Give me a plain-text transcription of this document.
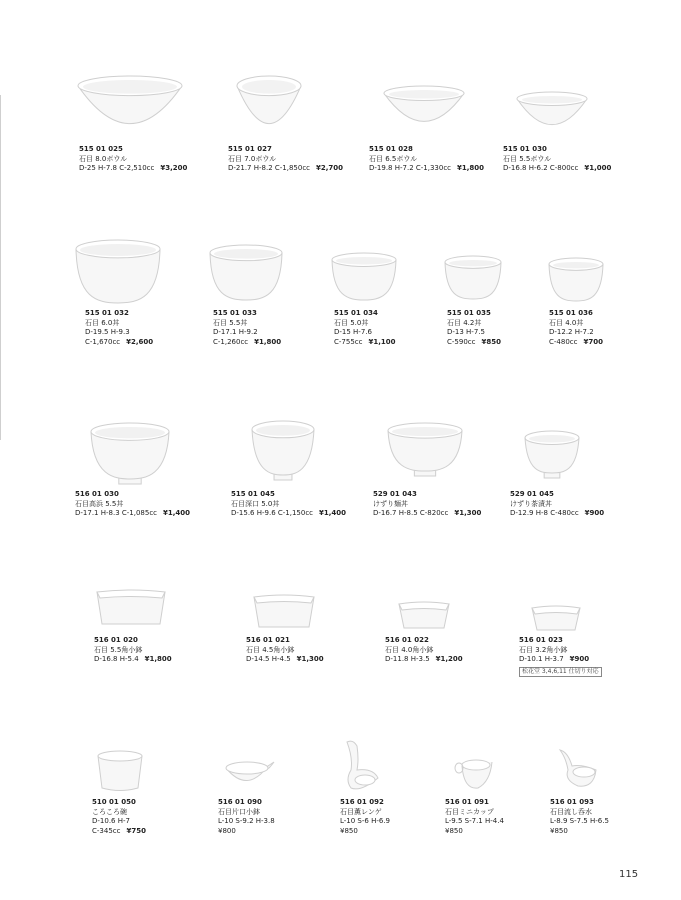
515 01 025
石目 8.0ボウル
D-25 H-7.8 C-2,510cc ¥3,200
515 01 027
石目 7.0ボウル
D-21.7 H-8.2 C-1,850cc ¥2,700
515 01 028
石目 6.5ボウル
D-19.8 H-7.2 C-1,330cc ¥1,800
515 01 030
石目 5.5ボウル
D-16.8 H-6.2 C-800cc ¥1,000
515 01 032
石目 6.0丼
D-19.5 H-9.3
C-1,670cc ¥2,600
515 01 033
石目 5.5丼
D-17.1 H-9.2
C-1,260cc ¥1,800
515 01 034
石目 5.0丼
D-15 H-7.6
C-755cc ¥1,100
515 01 035
石目 4.2丼
D-13 H-7.5
C-590cc ¥850
515 01 036
石目 4.0丼
D-12.2 H-7.2
C-480cc ¥700
516 01 030
石目高浜 5.5丼
D-17.1 H-8.3 C-1,085cc ¥1,400
515 01 045
石目深口 5.0丼
D-15.6 H-9.6 C-1,150cc ¥1,400
529 01 043
けずり麺丼
D-16.7 H-8.5 C-820cc ¥1,300
529 01 045
けずり茶漬丼
D-12.9 H-8 C-480cc ¥900
516 01 020
石目 5.5角小鉢
D-16.8 H-5.4 ¥1,800
516 01 021
石目 4.5角小鉢
D-14.5 H-4.5 ¥1,300
516 01 022
石目 4.0角小鉢
D-11.8 H-3.5 ¥1,200
516 01 023
石目 3.2角小鉢
D-10.1 H-3.7 ¥900
松花堂 3,4,6,11 仕切り対応
510 01 050
ころころ碗
D-10.6 H-7
C-345cc ¥750
516 01 090
石目片口小鉢
L-10 S-9.2 H-3.8
¥800
516 01 092
石目薫レンゲ
L-10 S-6 H-6.9
¥850
516 01 091
石目ミニカップ
L-9.5 S-7.1 H-4.4
¥850
516 01 093
石目流し呑水
L-8.9 S-7.5 H-6.5
¥850
115
